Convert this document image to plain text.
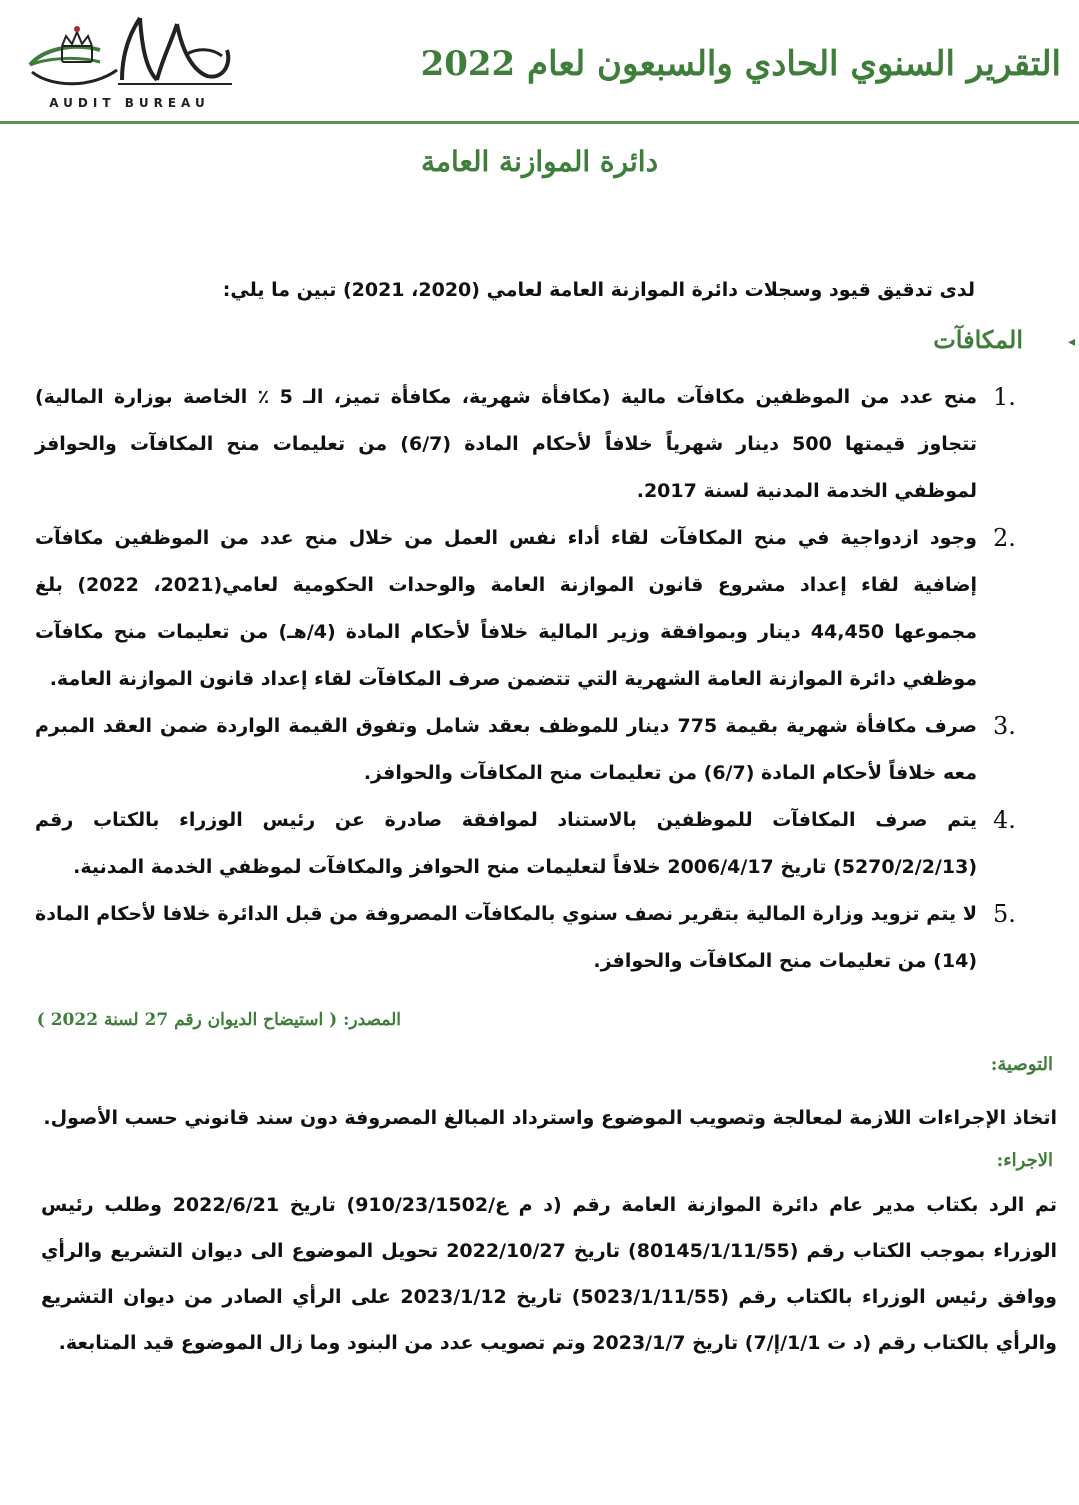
AUDIT BUREAU
التقرير السنوي الحادي والسبعون لعام 2022
دائرة الموازنة العامة
لدى تدقيق قيود وسجلات دائرة الموازنة العامة لعامي (2020، 2021) تبين ما يلي:
المكافآت	◂
1.
منح عدد من الموظفين مكافآت مالية (مكافأة شهرية، مكافأة تميز، الـ 5 ٪ الخاصة بوزارة المالية) تتجاوز قيمتها 500 دينار شهرياً خلافاً لأحكام المادة (6/7) من تعليمات منح المكافآت والحوافز لموظفي الخدمة المدنية لسنة 2017.
2.
وجود ازدواجية في منح المكافآت لقاء أداء نفس العمل من خلال منح عدد من الموظفين مكافآت إضافية لقاء إعداد مشروع قانون الموازنة العامة والوحدات الحكومية لعامي(2021، 2022) بلغ مجموعها 44,450 دينار وبموافقة وزير المالية خلافاً لأحكام المادة (4/هـ) من تعليمات منح مكافآت موظفي دائرة الموازنة العامة الشهرية التي تتضمن صرف المكافآت لقاء إعداد قانون الموازنة العامة.
3.
صرف مكافأة شهرية بقيمة 775 دينار للموظف بعقد شامل وتفوق القيمة الواردة ضمن العقد المبرم معه خلافاً لأحكام المادة (6/7) من تعليمات منح المكافآت والحوافز.
4.
يتم صرف المكافآت للموظفين بالاستناد لموافقة صادرة عن رئيس الوزراء بالكتاب رقم (5270/2/2/13) تاريخ 2006/4/17 خلافاً لتعليمات منح الحوافز والمكافآت لموظفي الخدمة المدنية.
5.
لا يتم تزويد وزارة المالية بتقرير نصف سنوي بالمكافآت المصروفة من قبل الدائرة خلافا لأحكام المادة (14) من تعليمات منح المكافآت والحوافز.
المصدر: ( استيضاح الديوان رقم 27 لسنة 2022 )
التوصية:
اتخاذ الإجراءات اللازمة لمعالجة وتصويب الموضوع واسترداد المبالغ المصروفة دون سند قانوني حسب الأصول.
الاجراء:
تم الرد بكتاب مدير عام دائرة الموازنة العامة رقم (د م ع/910/23/1502) تاريخ 2022/6/21 وطلب رئيس الوزراء بموجب الكتاب رقم (80145/1/11/55) تاريخ 2022/10/27 تحويل الموضوع الى ديوان التشريع والرأي ووافق رئيس الوزراء بالكتاب رقم (5023/1/11/55) تاريخ 2023/1/12 على الرأي الصادر من ديوان التشريع والرأي بالكتاب رقم (د ت 1/1/إ/7) تاريخ 2023/1/7 وتم تصويب عدد من البنود وما زال الموضوع قيد المتابعة.
